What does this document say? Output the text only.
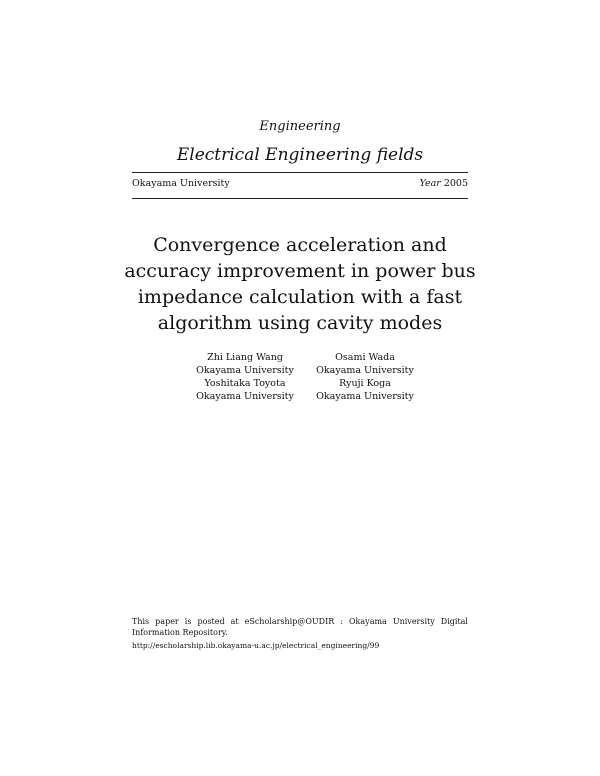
Engineering
Electrical Engineering fields
Okayama University	Year 2005
Convergence acceleration and accuracy improvement in power bus impedance calculation with a fast algorithm using cavity modes
Zhi Liang Wang
Okayama University
Osami Wada
Okayama University
Yoshitaka Toyota
Okayama University
Ryuji Koga
Okayama University
This paper is posted at eScholarship@OUDIR : Okayama University Digital Information Repository.
http://escholarship.lib.okayama-u.ac.jp/electrical_engineering/99
